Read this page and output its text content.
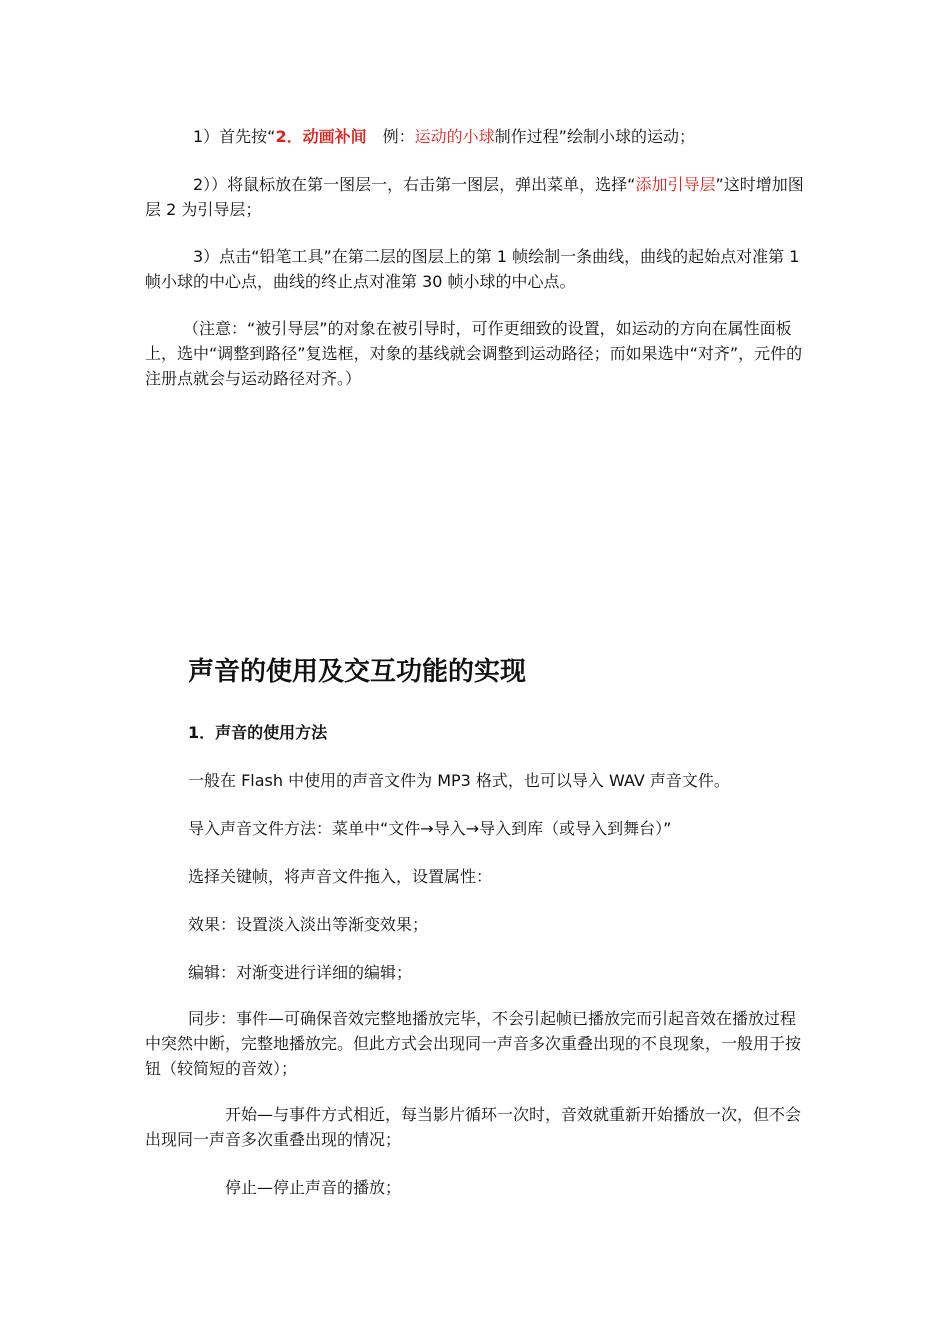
1）首先按“2．动画补间　例：运动的小球制作过程”绘制小球的运动；

2））将鼠标放在第一图层一，右击第一图层，弹出菜单，选择“添加引导层”这时增加图层 2 为引导层；

3）点击“铅笔工具”在第二层的图层上的第 1 帧绘制一条曲线，曲线的起始点对准第 1 帧小球的中心点，曲线的终止点对准第 30 帧小球的中心点。

（注意：“被引导层”的对象在被引导时，可作更细致的设置，如运动的方向在属性面板上，选中“调整到路径”复选框，对象的基线就会调整到运动路径；而如果选中“对齐”，元件的注册点就会与运动路径对齐。）

声音的使用及交互功能的实现

1．声音的使用方法

一般在 Flash 中使用的声音文件为 MP3 格式，也可以导入 WAV 声音文件。

导入声音文件方法：菜单中“文件→导入→导入到库（或导入到舞台）”

选择关键帧，将声音文件拖入，设置属性：

效果：设置淡入淡出等渐变效果；

编辑：对渐变进行详细的编辑；

同步：事件—可确保音效完整地播放完毕，不会引起帧已播放完而引起音效在播放过程中突然中断，完整地播放完。但此方式会出现同一声音多次重叠出现的不良现象，一般用于按钮（较简短的音效）；

开始—与事件方式相近，每当影片循环一次时，音效就重新开始播放一次，但不会出现同一声音多次重叠出现的情况；

停止—停止声音的播放；
